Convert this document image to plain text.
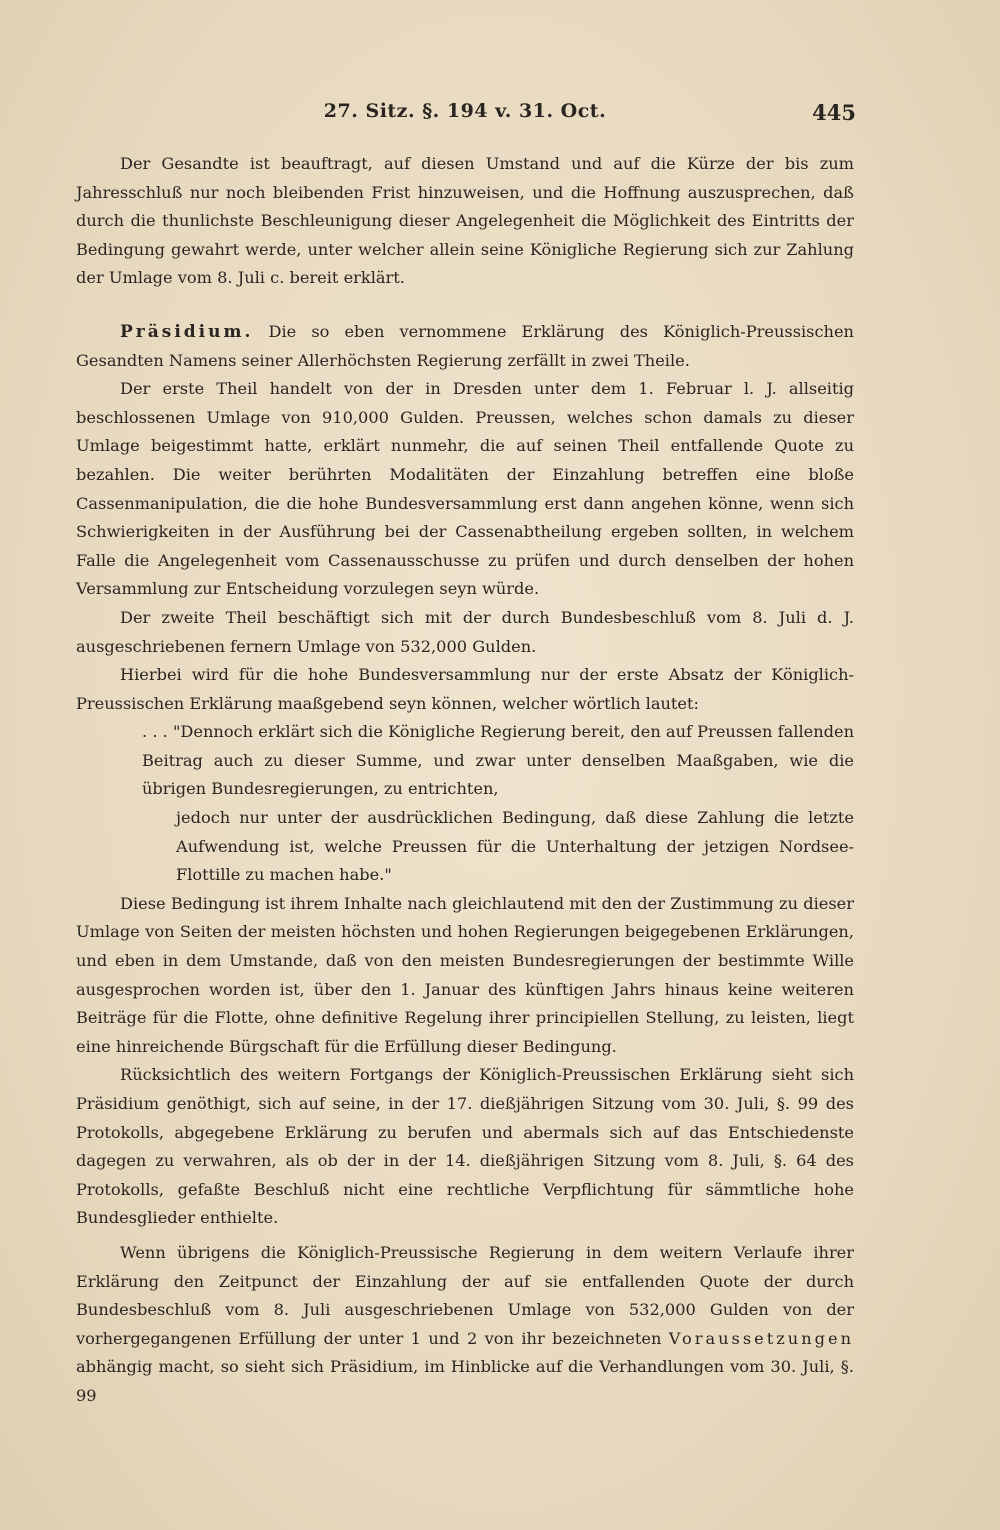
27. Sitz. §. 194 v. 31. Oct.	445

Der Gesandte ist beauftragt, auf diesen Umstand und auf die Kürze der bis zum Jahresschluß nur noch bleibenden Frist hinzuweisen, und die Hoffnung auszusprechen, daß durch die thunlichste Beschleunigung dieser Angelegenheit die Möglichkeit des Eintritts der Bedingung gewahrt werde, unter welcher allein seine Königliche Regierung sich zur Zahlung der Umlage vom 8. Juli c. bereit erklärt.

Präsidium. Die so eben vernommene Erklärung des Königlich-Preussischen Gesandten Namens seiner Allerhöchsten Regierung zerfällt in zwei Theile.

Der erste Theil handelt von der in Dresden unter dem 1. Februar l. J. allseitig beschlossenen Umlage von 910,000 Gulden. Preussen, welches schon damals zu dieser Umlage beigestimmt hatte, erklärt nunmehr, die auf seinen Theil entfallende Quote zu bezahlen. Die weiter berührten Modalitäten der Einzahlung betreffen eine bloße Cassenmanipulation, die die hohe Bundesversammlung erst dann angehen könne, wenn sich Schwierigkeiten in der Ausführung bei der Cassenabtheilung ergeben sollten, in welchem Falle die Angelegenheit vom Cassenausschusse zu prüfen und durch denselben der hohen Versammlung zur Entscheidung vorzulegen seyn würde.

Der zweite Theil beschäftigt sich mit der durch Bundesbeschluß vom 8. Juli d. J. ausgeschriebenen fernern Umlage von 532,000 Gulden.

Hierbei wird für die hohe Bundesversammlung nur der erste Absatz der Königlich-Preussischen Erklärung maaßgebend seyn können, welcher wörtlich lautet:

. . . "Dennoch erklärt sich die Königliche Regierung bereit, den auf Preussen fallenden Beitrag auch zu dieser Summe, und zwar unter denselben Maaßgaben, wie die übrigen Bundesregierungen, zu entrichten,

jedoch nur unter der ausdrücklichen Bedingung, daß diese Zahlung die letzte Aufwendung ist, welche Preussen für die Unterhaltung der jetzigen Nordsee-Flottille zu machen habe."

Diese Bedingung ist ihrem Inhalte nach gleichlautend mit den der Zustimmung zu dieser Umlage von Seiten der meisten höchsten und hohen Regierungen beigegebenen Erklärungen, und eben in dem Umstande, daß von den meisten Bundesregierungen der bestimmte Wille ausgesprochen worden ist, über den 1. Januar des künftigen Jahrs hinaus keine weiteren Beiträge für die Flotte, ohne definitive Regelung ihrer principiellen Stellung, zu leisten, liegt eine hinreichende Bürgschaft für die Erfüllung dieser Bedingung.

Rücksichtlich des weitern Fortgangs der Königlich-Preussischen Erklärung sieht sich Präsidium genöthigt, sich auf seine, in der 17. dießjährigen Sitzung vom 30. Juli, §. 99 des Protokolls, abgegebene Erklärung zu berufen und abermals sich auf das Entschiedenste dagegen zu verwahren, als ob der in der 14. dießjährigen Sitzung vom 8. Juli, §. 64 des Protokolls, gefaßte Beschluß nicht eine rechtliche Verpflichtung für sämmtliche hohe Bundesglieder enthielte.

Wenn übrigens die Königlich-Preussische Regierung in dem weitern Verlaufe ihrer Erklärung den Zeitpunct der Einzahlung der auf sie entfallenden Quote der durch Bundesbeschluß vom 8. Juli ausgeschriebenen Umlage von 532,000 Gulden von der vorhergegangenen Erfüllung der unter 1 und 2 von ihr bezeichneten Voraussetzungen abhängig macht, so sieht sich Präsidium, im Hinblicke auf die Verhandlungen vom 30. Juli, §. 99
